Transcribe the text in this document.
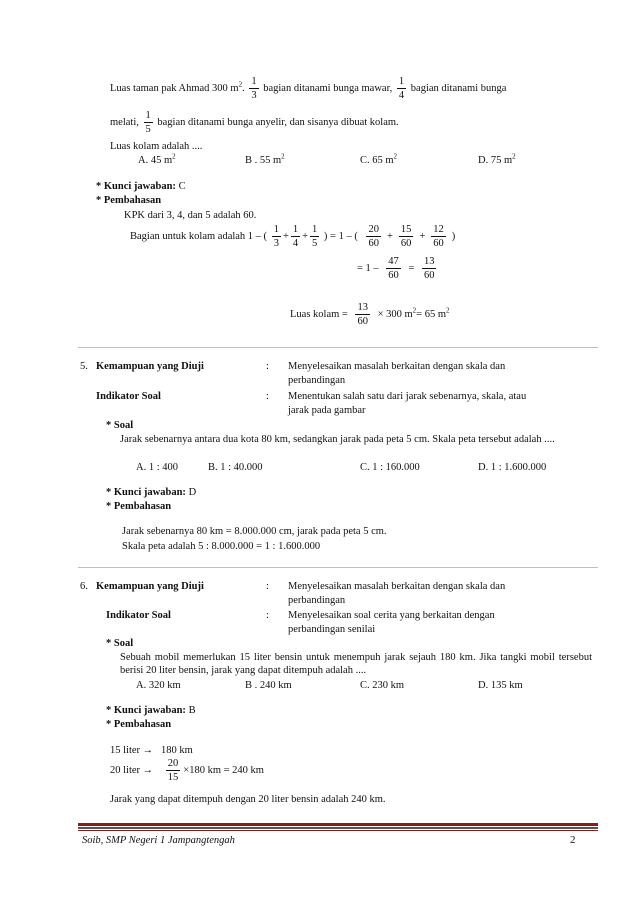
Luas taman pak Ahmad 300 $m^2$. $\frac{1}{3}$ bagian ditanami bunga mawar, $\frac{1}{4}$ bagian ditanami bunga
melati, $\frac{1}{5}$ bagian ditanami bunga anyelir, dan sisanya dibuat kolam.
Luas kolam adalah ....
A. 45 $m^2$	B . 55 $m^2$	C. 65 $m^2$	D. 75 $m^2$
* Kunci jawaban: C
* Pembahasan
KPK dari 3, 4, dan 5 adalah 60.
Bagian untuk kolam adalah 1 – ( $\frac{1}{3} + \frac{1}{4} + \frac{1}{5}$ ) = 1 – ( $\frac{20}{60} + \frac{15}{60} + \frac{12}{60}$ )
= $1 - \frac{47}{60} = \frac{13}{60}$
Luas kolam = $\frac{13}{60} \times 300$ $m^2= 65$ $m^2$
5. Kemampuan yang Diuji	: Menyelesaikan masalah berkaitan dengan skala dan
perbandingan
Indikator Soal	: Menentukan salah satu dari jarak sebenarnya, skala, atau
jarak pada gambar
* Soal
Jarak sebenarnya antara dua kota 80 km, sedangkan jarak pada peta 5 cm. Skala peta tersebut adalah ....
A. 1 : 400	B. 1 : 40.000	C. 1 : 160.000	D. 1 : 1.600.000
* Kunci jawaban: D
* Pembahasan
Jarak sebenarnya 80 km = 8.000.000 cm, jarak pada peta 5 cm.
Skala peta adalah 5 : 8.000.000 = 1 : 1.600.000
6. Kemampuan yang Diuji	: Menyelesaikan masalah berkaitan dengan skala dan
perbandingan
Indikator Soal	: Menyelesaikan soal cerita yang berkaitan dengan
perbandingan senilai
* Soal
Sebuah mobil memerlukan 15 liter bensin untuk menempuh jarak sejauh 180 km. Jika tangki mobil tersebut berisi 20 liter bensin, jarak yang dapat ditempuh adalah ....
A. 320 km	B . 240 km	C. 230 km	D. 135 km
* Kunci jawaban: B
* Pembahasan
15 liter → 180 km
20 liter → $\frac{20}{15} \times 180$ km = 240 km
Jarak yang dapat ditempuh dengan 20 liter bensin adalah 240 km.
Soib, SMP Negeri 1 Jampangtengah	2
